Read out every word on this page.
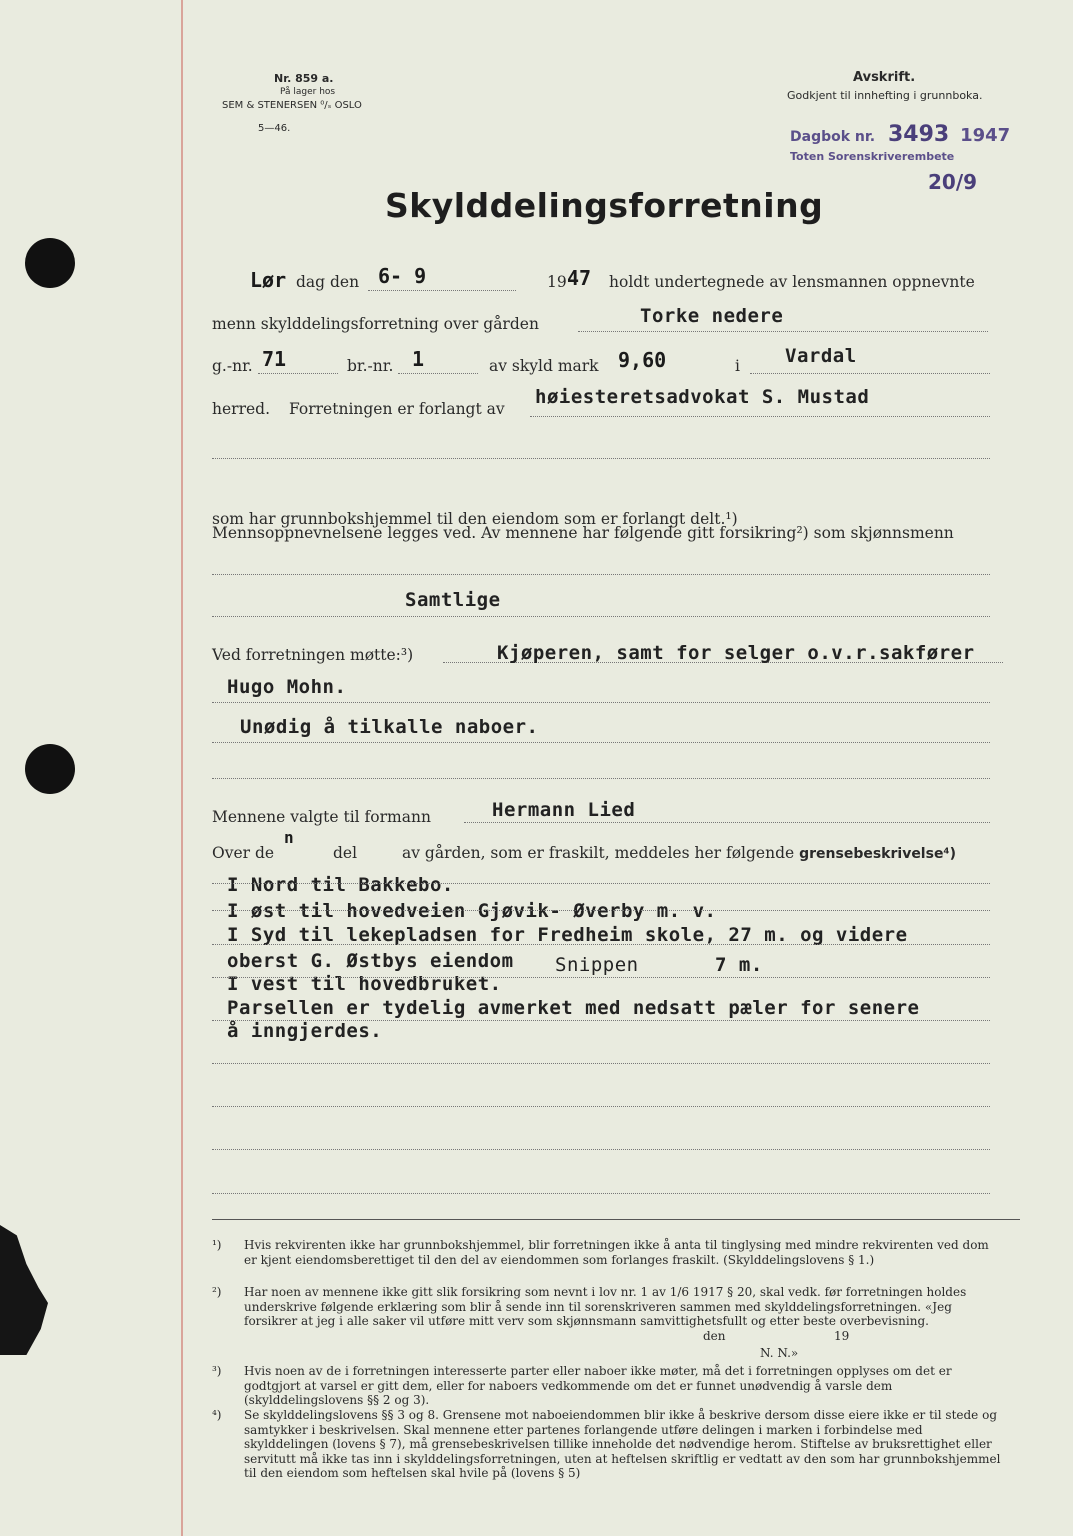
Nr. 859 a.
På lager hos
SEM & STENERSEN ⁰/ₛ OSLO
5—46.
Avskrift.
Godkjent til innhefting i grunnboka.
Dagbok nr. 3493 1947
Toten Sorenskriverembete
20/9
Skylddelingsforretning
Lør dag den 6- 9	19 47 holdt undertegnede av lensmannen oppnevnte
menn skylddelingsforretning over gården	Torke nedere
g.-nr. 71	br.-nr. 1	av skyld mark 9,60	i Vardal
herred. Forretningen er forlangt av
høiesteretsadvokat S. Mustad
som har grunnbokshjemmel til den eiendom som er forlangt delt.¹)
Mennsoppnevnelsene legges ved. Av mennene har følgende gitt forsikring²) som skjønnsmenn
Samtlige
Ved forretningen møtte:³)	Kjøperen, samt for selger o.v.r.sakfører
Hugo Mohn.
Unødig å tilkalle naboer.
Mennene valgte til formann	Hermann Lied
Over de
n
del	av gården, som er fraskilt, meddeles her følgende grensebeskrivelse⁴)
I Nord til Bakkebo.
I øst til hovedveien Gjøvik- Øverby m. v.
I Syd til lekepladsen for Fredheim skole, 27 m. og videre
oberst G. Østbys eiendom Snippen	7 m.
I vest til hovedbruket.
Parsellen er tydelig avmerket med nedsatt pæler for senere
å inngjerdes.
¹) Hvis rekvirenten ikke har grunnbokshjemmel, blir forretningen ikke å anta til tinglysing med mindre rekvirenten ved dom er kjent eiendomsberettiget til den del av eiendommen som forlanges fraskilt. (Skylddelingslovens § 1.)
²) Har noen av mennene ikke gitt slik forsikring som nevnt i lov nr. 1 av 1/6 1917 § 20, skal vedk. før forretningen holdes underskrive følgende erklæring som blir å sende inn til sorenskriveren sammen med skylddelingsforretningen. «Jeg forsikrer at jeg i alle saker vil utføre mitt verv som skjønnsmann samvittighetsfullt og etter beste overbevisning.
den	19
N. N.»
³) Hvis noen av de i forretningen interesserte parter eller naboer ikke møter, må det i forretningen opplyses om det er godtgjort at varsel er gitt dem, eller for naboers vedkommende om det er funnet unødvendig å varsle dem (skylddelingslovens §§ 2 og 3).
⁴) Se skylddelingslovens §§ 3 og 8. Grensene mot naboeiendommen blir ikke å beskrive dersom disse eiere ikke er til stede og samtykker i beskrivelsen. Skal mennene etter partenes forlangende utføre delingen i marken i forbindelse med skylddelingen (lovens § 7), må grensebeskrivelsen tillike inneholde det nødvendige herom. Stiftelse av bruksrettighet eller servitutt må ikke tas inn i skylddelingsforretningen, uten at heftelsen skriftlig er vedtatt av den som har grunnbokshjemmel til den eiendom som heftelsen skal hvile på (lovens § 5)
